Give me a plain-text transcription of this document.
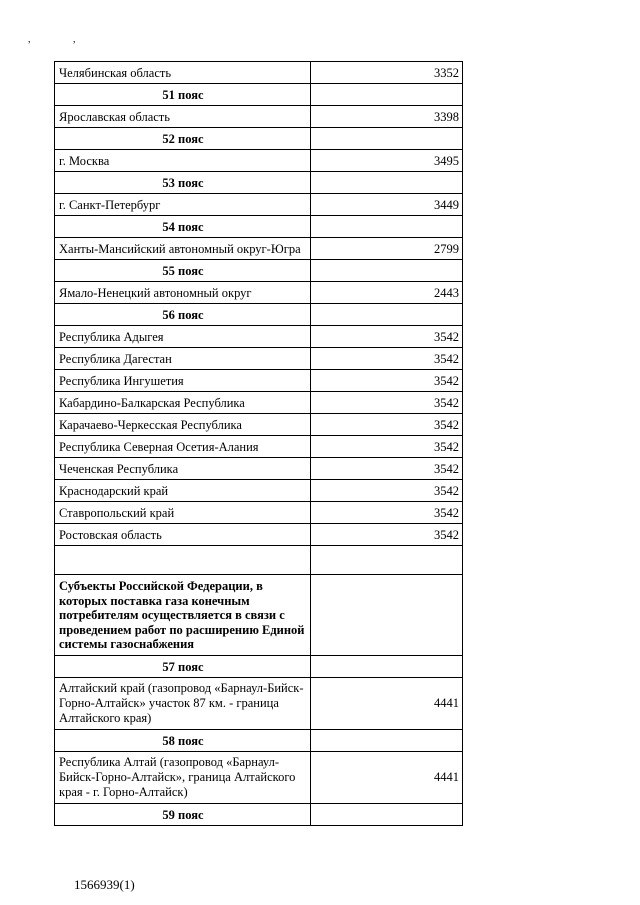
, ,
Челябинская область	3352
51 пояс	
Ярославская область	3398
52 пояс	
г. Москва	3495
53 пояс	
г. Санкт-Петербург	3449
54 пояс	
Ханты-Мансийский автономный округ-Югра	2799
55 пояс	
Ямало-Ненецкий автономный округ	2443
56 пояс	
Республика Адыгея	3542
Республика Дагестан	3542
Республика Ингушетия	3542
Кабардино-Балкарская Республика	3542
Карачаево-Черкесская Республика	3542
Республика Северная Осетия-Алания	3542
Чеченская Республика	3542
Краснодарский край	3542
Ставропольский край	3542
Ростовская область	3542

Субъекты Российской Федерации, в которых поставка газа конечным потребителям осуществляется в связи с проведением работ по расширению Единой системы газоснабжения	
57 пояс	
Алтайский край (газопровод «Барнаул-Бийск-Горно-Алтайск» участок 87 км. - граница Алтайского края)	4441
58 пояс	
Республика Алтай (газопровод «Барнаул-Бийск-Горно-Алтайск», граница Алтайского края - г. Горно-Алтайск)	4441
59 пояс	
1566939(1)
